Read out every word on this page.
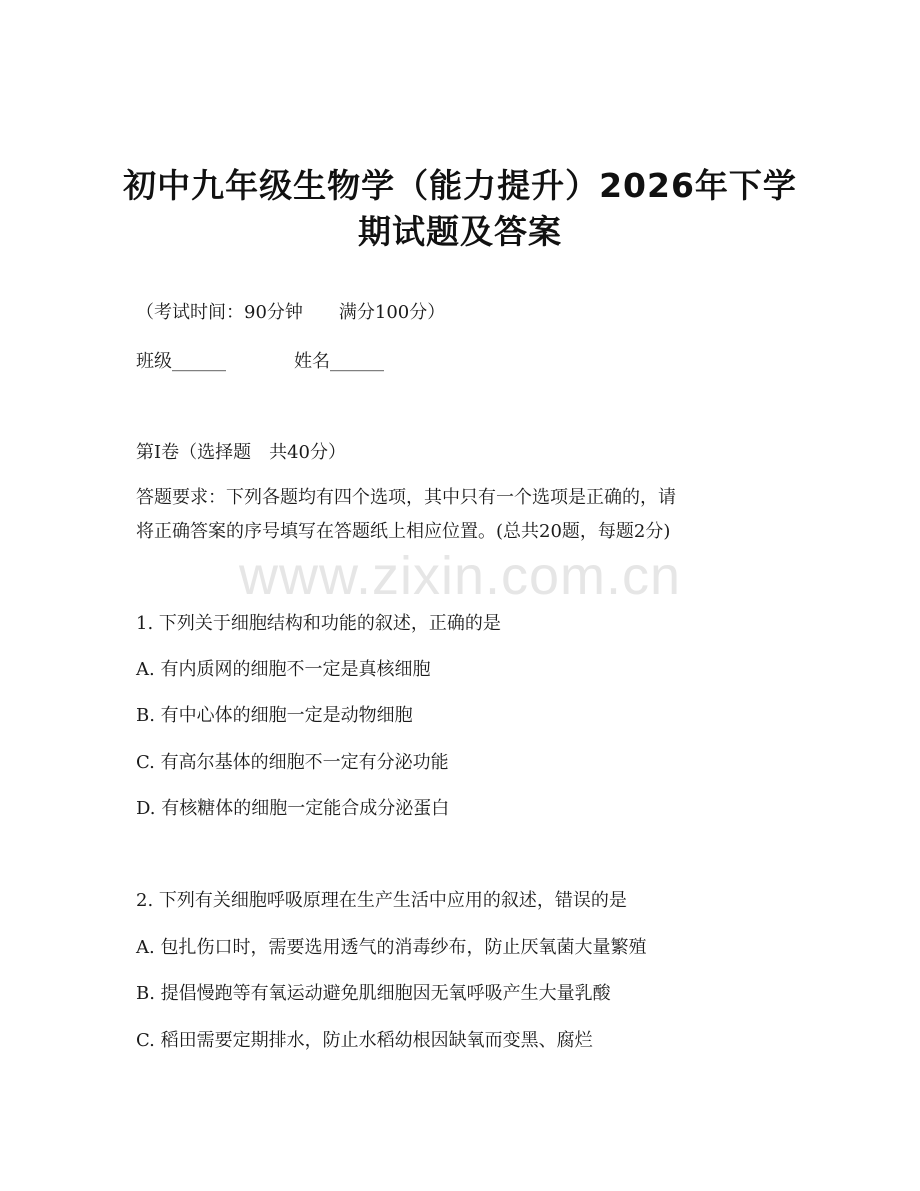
初中九年级生物学（能力提升）2026年下学
期试题及答案
（考试时间：90分钟　　满分100分）
班级______	姓名______
第Ⅰ卷（选择题　共40分）
答题要求：下列各题均有四个选项，其中只有一个选项是正确的，请
将正确答案的序号填写在答题纸上相应位置。(总共20题，每题2分)
www.zixin.com.cn
1. 下列关于细胞结构和功能的叙述，正确的是
A. 有内质网的细胞不一定是真核细胞
B. 有中心体的细胞一定是动物细胞
C. 有高尔基体的细胞不一定有分泌功能
D. 有核糖体的细胞一定能合成分泌蛋白
2. 下列有关细胞呼吸原理在生产生活中应用的叙述，错误的是
A. 包扎伤口时，需要选用透气的消毒纱布，防止厌氧菌大量繁殖
B. 提倡慢跑等有氧运动避免肌细胞因无氧呼吸产生大量乳酸
C. 稻田需要定期排水，防止水稻幼根因缺氧而变黑、腐烂
